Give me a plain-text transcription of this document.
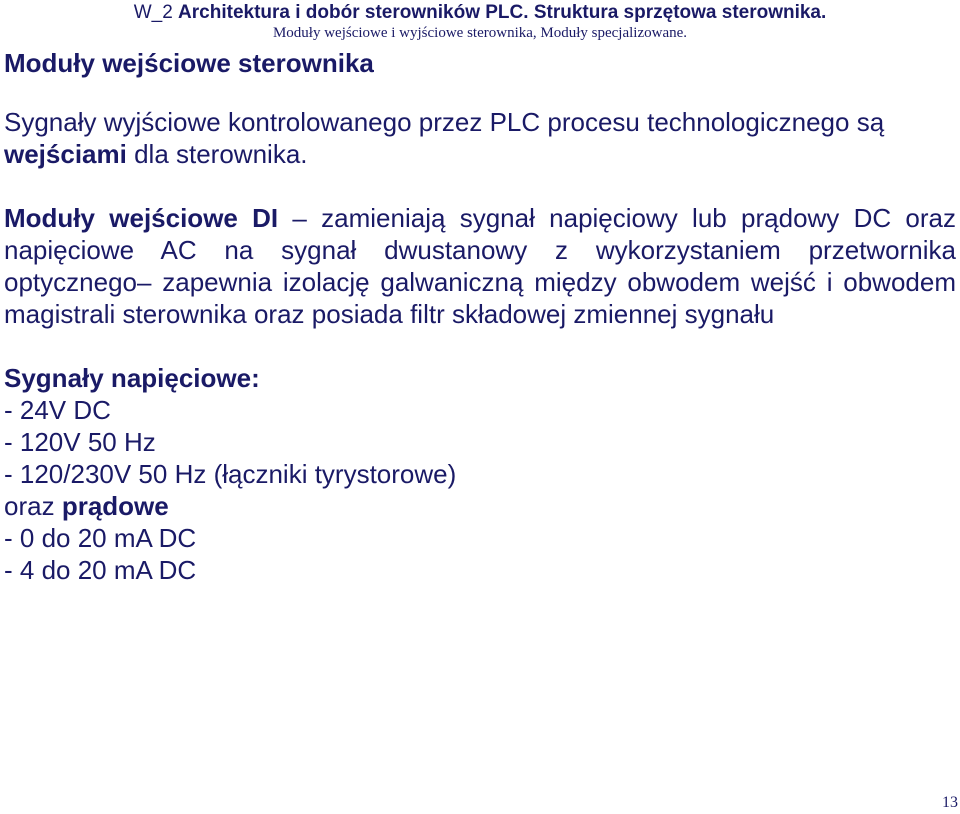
W_2 Architektura i dobór sterowników PLC. Struktura sprzętowa sterownika.
Moduły wejściowe i wyjściowe sterownika, Moduły specjalizowane.
Moduły wejściowe sterownika
Sygnały wyjściowe kontrolowanego przez PLC procesu technologicznego są wejściami dla sterownika.
Moduły wejściowe DI – zamieniają sygnał napięciowy lub prądowy DC oraz napięciowe AC na sygnał dwustanowy z wykorzystaniem przetwornika optycznego– zapewnia izolację galwaniczną między obwodem wejść i obwodem magistrali sterownika oraz posiada filtr składowej zmiennej sygnału
Sygnały napięciowe:
- 24V DC
- 120V 50 Hz
- 120/230V 50 Hz (łączniki tyrystorowe)
oraz prądowe
- 0 do 20 mA DC
- 4 do 20 mA DC
13
